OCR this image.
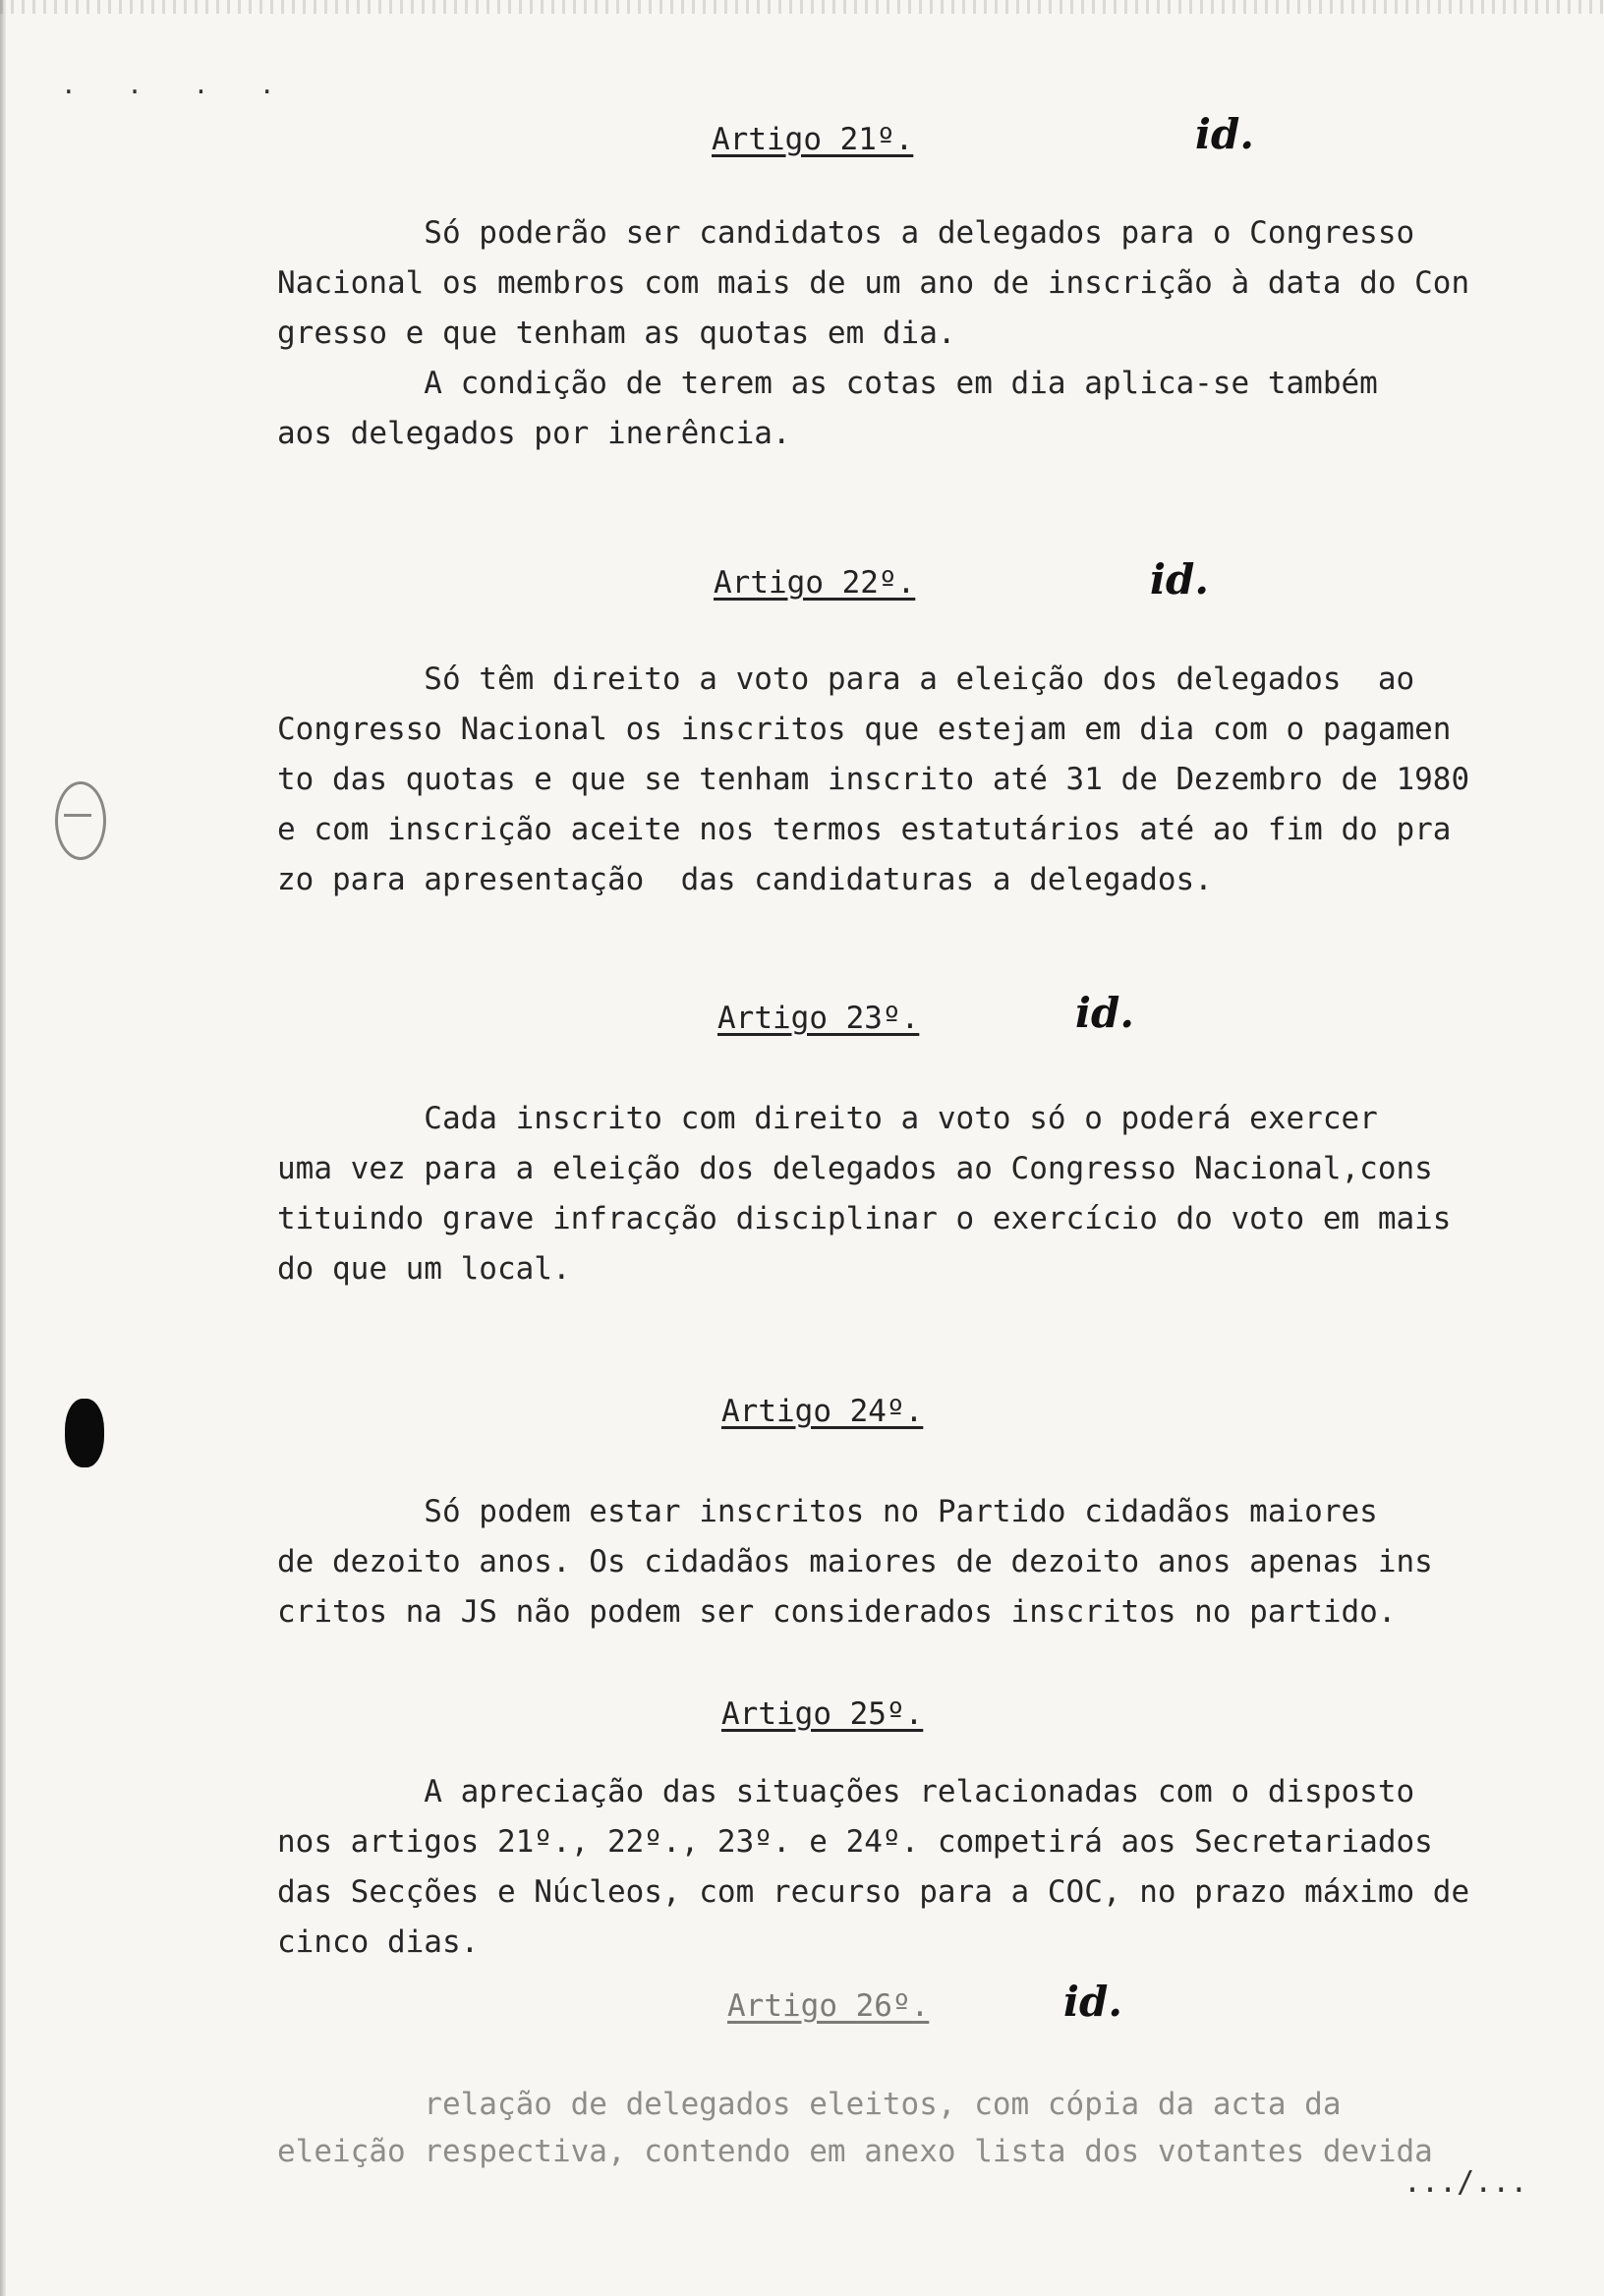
. . . .
Artigo 21º.	id.
Só poderão ser candidatos a delegados para o Congresso
Nacional os membros com mais de um ano de inscrição à data do Con
gresso e que tenham as quotas em dia.
A condição de terem as cotas em dia aplica-se também
aos delegados por inerência.
Artigo 22º.	id.
Só têm direito a voto para a eleição dos delegados  ao
Congresso Nacional os inscritos que estejam em dia com o pagamen
to das quotas e que se tenham inscrito até 31 de Dezembro de 1980
e com inscrição aceite nos termos estatutários até ao fim do pra
zo para apresentação  das candidaturas a delegados.
Artigo 23º.	id.
Cada inscrito com direito a voto só o poderá exercer
uma vez para a eleição dos delegados ao Congresso Nacional,cons
tituindo grave infracção disciplinar o exercício do voto em mais
do que um local.
Artigo 24º.
Só podem estar inscritos no Partido cidadãos maiores
de dezoito anos. Os cidadãos maiores de dezoito anos apenas ins
critos na JS não podem ser considerados inscritos no partido.
Artigo 25º.
A apreciação das situações relacionadas com o disposto
nos artigos 21º., 22º., 23º. e 24º. competirá aos Secretariados
das Secções e Núcleos, com recurso para a COC, no prazo máximo de
cinco dias.
Artigo 26º.	id.
relação de delegados eleitos, com cópia da acta da
eleição respectiva, contendo em anexo lista dos votantes devida
.../...
